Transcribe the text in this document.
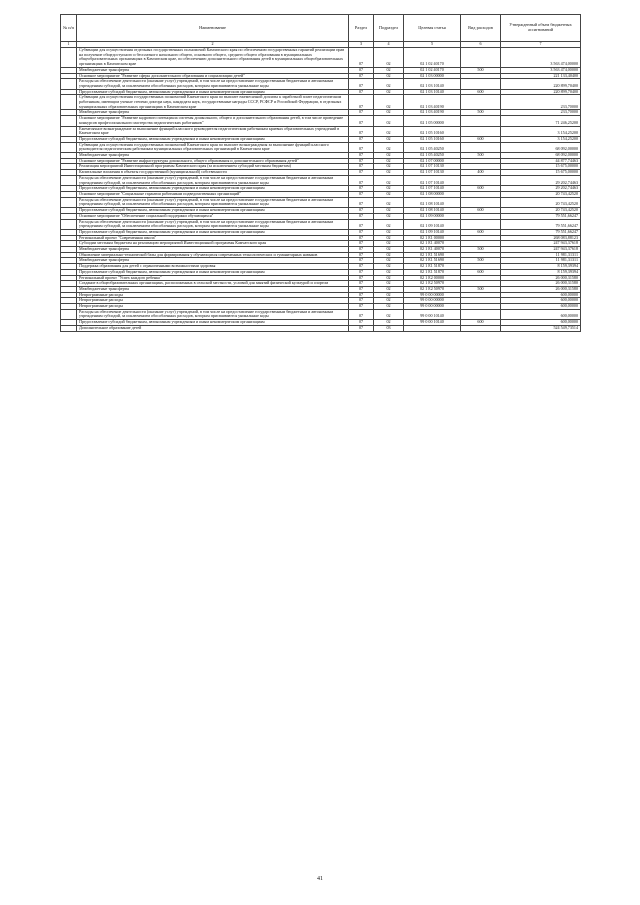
№ п/п	Наименование	Раздел	Подраздел	Целевая статья	Вид расходов	Утвержденный объем бюджетных ассигнований
1	2	3	4	5	6	7
	Субвенции для осуществления отдельных государственных полномочий Камчатского края по обеспечению государственных гарантий реализации прав на получение общедоступного и бесплатного начального общего, основного общего, среднего общего образования в муниципальных общеобразовательных организациях в Камчатском крае, по обеспечению дополнительного образования детей в муниципальных общеобразовательных организациях в Камчатском крае	07	02	02 1 02 40170		3 563 474,00000
	Межбюджетные трансферты	07	02	02 1 02 40170	500	3 563 474,00000
	Основное мероприятие "Развитие сферы дополнительного образования и социализации детей"	07	02	02 1 03 00000		221 133,40400
	Расходы на обеспечение деятельности (оказание услуг) учреждений, в том числе на предоставление государственным бюджетным и автономным учреждениям субсидий, за исключением обособленных расходов, которым присваиваются уникальные коды	07	02	02 1 03 10140		220 899,70400
	Предоставление субсидий бюджетным, автономным учреждениям и иным некоммерческим организациям	07	02	02 1 03 10140	600	220 899,70400
	Субвенции для осуществления государственных полномочий Камчатского края по выплате ежемесячной доплаты к заработной плате педагогическим работникам, имеющим ученые степени доктора наук, кандидата наук, государственные награды СССР, РСФСР и Российской Федерации, в отдельных муниципальных образовательных организациях в Камчатском крае	07	02	02 1 03 40190		233,70000
	Межбюджетные трансферты	07	02	02 1 03 40190	500	233,70000
	Основное мероприятие "Развитие кадрового потенциала системы дошкольного, общего и дополнительного образования детей, в том числе проведение конкурсов профессионального мастерства педагогических работников"	07	02	02 1 05 00000		71 246,25200
	Ежемесячное вознаграждение за выполнение функций классного руководителя педагогическим работникам краевых образовательных учреждений в Камчатском крае	07	02	02 1 05 10160		3 154,25200
	Предоставление субсидий бюджетным, автономным учреждениям и иным некоммерческим организациям	07	02	02 1 05 10160	600	3 154,25200
	Субвенции для осуществления государственных полномочий Камчатского края по выплате вознаграждения за выполнение функций классного руководителя педагогическим работникам муниципальных образовательных организаций в Камчатском крае	07	02	02 1 05 40250		68 092,00000
	Межбюджетные трансферты	07	02	02 1 05 40250	500	68 092,00000
	Основное мероприятие "Развитие инфраструктуры дошкольного, общего образования и дополнительного образования детей"	07	02	02 1 07 00000		44 877,74463
	Реализация мероприятий Инвестиционной программы Камчатского края (за исключением субсидий местным бюджетам)	07	02	02 1 07 10130		15 675,00000
	Капитальные вложения в объекты государственной (муниципальной) собственности	07	02	02 1 07 10130	400	15 675,00000
	Расходы на обеспечение деятельности (оказание услуг) учреждений, в том числе на предоставление государственным бюджетным и автономным учреждениям субсидий, за исключением обособленных расходов, которым присваиваются уникальные коды	07	02	02 1 07 10140		29 202,74463
	Предоставление субсидий бюджетным, автономным учреждениям и иным некоммерческим организациям	07	02	02 1 07 10140	600	29 202,74463
	Основное мероприятие "Социальные гарантии работникам подведомственных организаций"	07	02	02 1 08 00000		20 743,42520
	Расходы на обеспечение деятельности (оказание услуг) учреждений, в том числе на предоставление государственным бюджетным и автономным учреждениям субсидий, за исключением обособленных расходов, которым присваиваются уникальные коды	07	02	02 1 08 10140		20 743,42520
	Предоставление субсидий бюджетным, автономным учреждениям и иным некоммерческим организациям	07	02	02 1 08 10140	600	20 743,42520
	Основное мероприятие "Обеспечение социальной поддержки обучающихся"	07	02	02 1 09 00000		79 551,66247
	Расходы на обеспечение деятельности (оказание услуг) учреждений, в том числе на предоставление государственным бюджетным и автономным учреждениям субсидий, за исключением обособленных расходов, которым присваиваются уникальные коды	07	02	02 1 09 10140		79 551,66247
	Предоставление субсидий бюджетным, автономным учреждениям и иным некоммерческим организациям	07	02	02 1 09 10140	600	79 551,66247
	Региональный проект "Современная школа"	07	02	02 1 E1 00000		268 083,88123
	Субсидии местным бюджетам на реализацию мероприятий Инвестиционной программы Камчатского края	07	02	02 1 E1 40070		247 943,37618
	Межбюджетные трансферты	07	02	02 1 E1 40070	500	247 943,37618
	Обновление материально-технической базы для формирования у обучающихся современных технологических и гуманитарных навыков	07	02	02 1 E1 51690		11 981,31311
	Межбюджетные трансферты	07	02	02 1 E1 51690	500	11 981,31311
	Поддержка образования для детей с ограниченными возможностями здоровья	07	02	02 1 E1 51870		8 159,39394
	Предоставление субсидий бюджетным, автономным учреждениям и иным некоммерческим организациям	07	02	02 1 E1 51870	600	8 159,39394
	Региональный проект "Успех каждого ребенка"	07	02	02 1 E2 00000		26 000,31580
	Создание в общеобразовательных организациях, расположенных в сельской местности, условий для занятий физической культурой и спортом	07	02	02 1 E2 50970		26 000,31580
	Межбюджетные трансферты	07	02	02 1 E2 50970	500	26 000,31580
	Непрограммные расходы	07	02	99 0 00 00000		600,00000
	Непрограммные расходы	07	02	99 0 00 00000		600,00000
	Непрограммные расходы	07	02	99 0 00 00000		600,00000
	Расходы на обеспечение деятельности (оказание услуг) учреждений, в том числе на предоставление государственным бюджетным и автономным учреждениям субсидий, за исключением обособленных расходов, которым присваиваются уникальные коды	07	02	99 0 00 10140		600,00000
	Предоставление субсидий бюджетным, автономным учреждениям и иным некоммерческим организациям	07	02	99 0 00 10140	600	600,00000
	Дополнительное образование детей	07	03			524 549,73514
41
